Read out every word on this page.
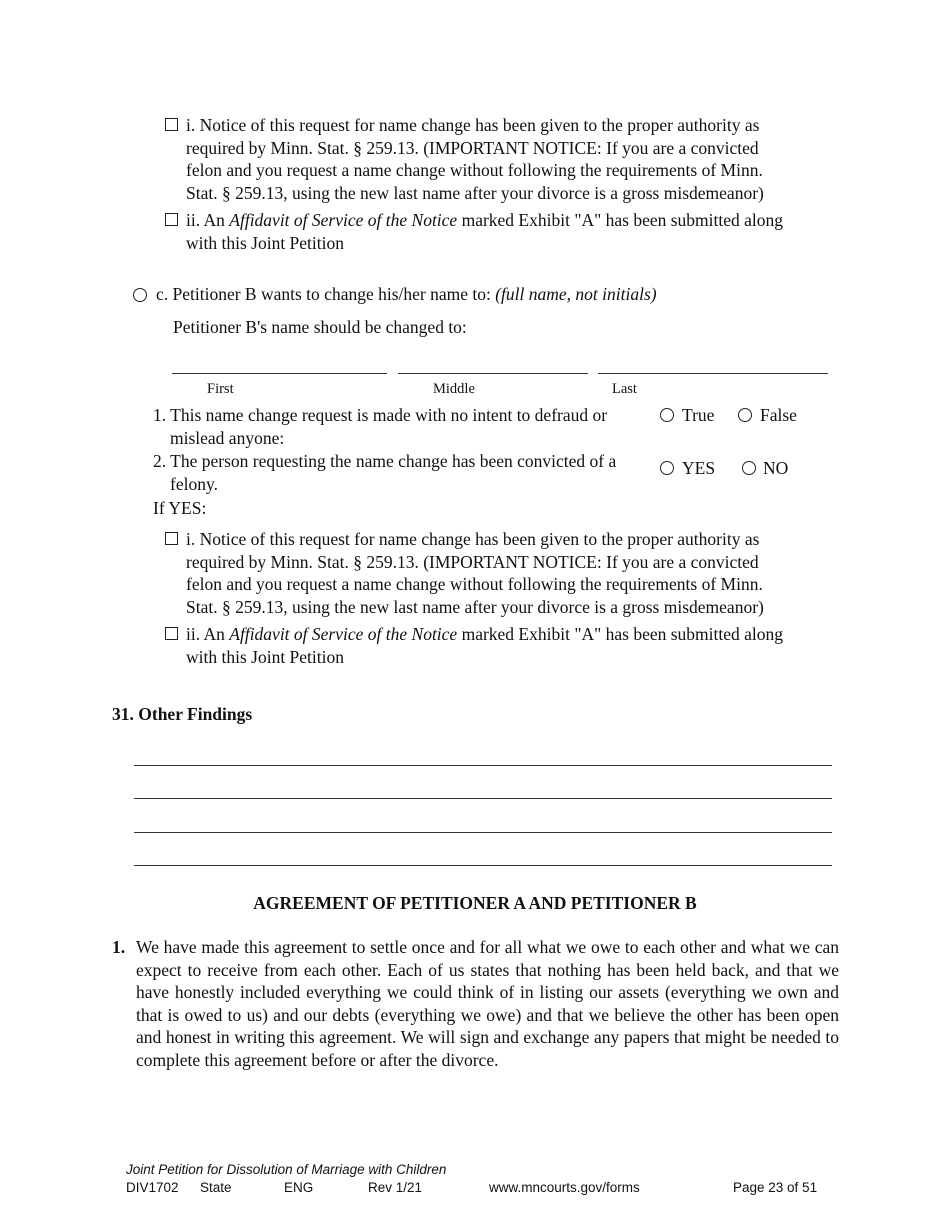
i. Notice of this request for name change has been given to the proper authority as
required by Minn. Stat. § 259.13. (IMPORTANT NOTICE: If you are a convicted
felon and you request a name change without following the requirements of Minn.
Stat. § 259.13, using the new last name after your divorce is a gross misdemeanor)
ii. An Affidavit of Service of the Notice marked Exhibit "A" has been submitted along
with this Joint Petition
c. Petitioner B wants to change his/her name to: (full name, not initials)
Petitioner B's name should be changed to:
First	Middle	Last
1. This name change request is made with no intent to defraud or
mislead anyone:
True	False
2. The person requesting the name change has been convicted of a
felony.
YES	NO
If YES:
i. Notice of this request for name change has been given to the proper authority as
required by Minn. Stat. § 259.13. (IMPORTANT NOTICE: If you are a convicted
felon and you request a name change without following the requirements of Minn.
Stat. § 259.13, using the new last name after your divorce is a gross misdemeanor)
ii. An Affidavit of Service of the Notice marked Exhibit "A" has been submitted along
with this Joint Petition
31. Other Findings
AGREEMENT OF PETITIONER A AND PETITIONER B
1. We have made this agreement to settle once and for all what we owe to each other and what we can expect to receive from each other. Each of us states that nothing has been held back, and that we have honestly included everything we could think of in listing our assets (everything we own and that is owed to us) and our debts (everything we owe) and that we believe the other has been open and honest in writing this agreement. We will sign and exchange any papers that might be needed to complete this agreement before or after the divorce.
Joint Petition for Dissolution of Marriage with Children
DIV1702 State	ENG	Rev 1/21	www.mncourts.gov/forms	Page 23 of 51
